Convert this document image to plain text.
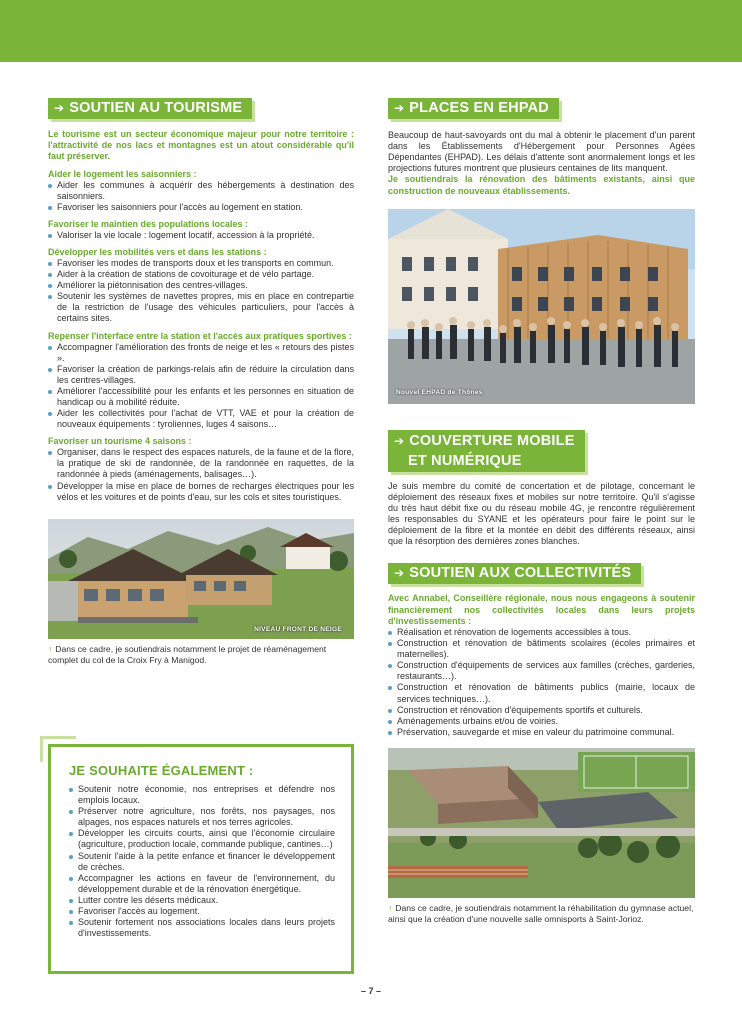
➔ SOUTIEN AU TOURISME

Le tourisme est un secteur économique majeur pour notre territoire : l'attractivité de nos lacs et montagnes est un atout considérable qu'il faut préserver.

Aider le logement les saisonniers :

Aider les communes à acquérir des hébergements à destination des saisonniers.
Favoriser les saisonniers pour l'accès au logement en station.

Favoriser le maintien des populations locales :

Valoriser la vie locale : logement locatif, accession à la propriété.

Développer les mobilités vers et dans les stations :

Favoriser les modes de transports doux et les transports en commun.
Aider à la création de stations de covoiturage et de vélo partage.
Améliorer la piétonnisation des centres-villages.
Soutenir les systèmes de navettes propres, mis en place en contrepartie de la restriction de l'usage des véhicules particuliers, pour l'accès à certains sites.

Repenser l'interface entre la station et l'accès aux pratiques sportives :

Accompagner l'amélioration des fronts de neige et les « retours des pistes ».
Favoriser la création de parkings-relais afin de réduire la circulation dans les centres-villages.
Améliorer l'accessibilité pour les enfants et les personnes en situation de handicap ou à mobilité réduite.
Aider les collectivités pour l'achat de VTT, VAE et pour la création de nouveaux équipements : tyroliennes, luges 4 saisons…

Favoriser un tourisme 4 saisons :

Organiser, dans le respect des espaces naturels, de la faune et de la flore, la pratique de ski de randonnée, de la randonnée en raquettes, de la randonnée à pieds (aménagements, balisages…).
Développer la mise en place de bornes de recharges électriques pour les vélos et les voitures et de points d'eau, sur les cols et sites touristiques.
NIVEAU FRONT DE NEIGE

↑ Dans ce cadre, je soutiendrais notamment le projet de réaménagement complet du col de la Croix Fry à Manigod.

JE SOUHAITE ÉGALEMENT :
Soutenir notre économie, nos entreprises et défendre nos emplois locaux.
Préserver notre agriculture, nos forêts, nos paysages, nos alpages, nos espaces naturels et nos terres agricoles.
Développer les circuits courts, ainsi que l'économie circulaire (agriculture, production locale, commande publique, cantines…)
Soutenir l'aide à la petite enfance et financer le développement de crèches.
Accompagner les actions en faveur de l'environnement, du développement durable et de la rénovation énergétique.
Lutter contre les déserts médicaux.
Favoriser l'accès au logement.
Soutenir fortement nos associations locales dans leurs projets d'investissements.
➔ PLACES EN EHPAD

Beaucoup de haut-savoyards ont du mal à obtenir le placement d'un parent dans les Établissements d'Hébergement pour Personnes Agées Dépendantes (EHPAD). Les délais d'attente sont anormalement longs et les projections futures montrent que plusieurs centaines de lits manquent.

Je soutiendrais la rénovation des bâtiments existants, ainsi que construction de nouveaux établissements.

Nouvel EHPAD de Thônes
➔ COUVERTURE MOBILE
ET NUMÉRIQUE

Je suis membre du comité de concertation et de pilotage, concernant le déploiement des réseaux fixes et mobiles sur notre territoire. Qu'il s'agisse du très haut débit fixe ou du réseau mobile 4G, je rencontre régulièrement les responsables du SYANE et les opérateurs pour faire le point sur le déploiement de la fibre et la montée en débit des différents réseaux, ainsi que la résorption des dernières zones blanches.

➔ SOUTIEN AUX COLLECTIVITÉS

Avec Annabel, Conseillère régionale, nous nous engageons à soutenir financièrement nos collectivités locales dans leurs projets d'investissements :

Réalisation et rénovation de logements accessibles à tous.
Construction et rénovation de bâtiments scolaires (écoles primaires et maternelles).
Construction d'équipements de services aux familles (crèches, garderies, restaurants…).
Construction et rénovation de bâtiments publics (mairie, locaux de services techniques…).
Construction et rénovation d'équipements sportifs et culturels.
Aménagements urbains et/ou de voiries.
Préservation, sauvegarde et mise en valeur du patrimoine communal.

↑ Dans ce cadre, je soutiendrais notamment la réhabilitation du gymnase actuel, ainsi que la création d'une nouvelle salle omnisports à Saint-Jorioz.

– 7 –
